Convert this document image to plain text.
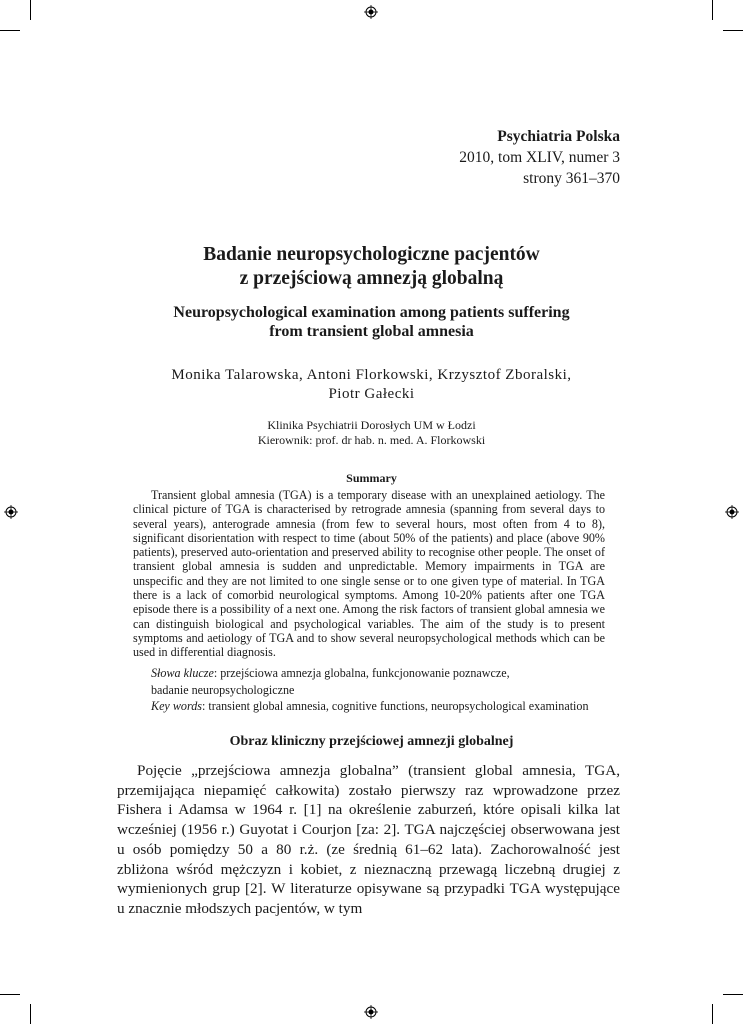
Psychiatria Polska
2010, tom XLIV, numer 3
strony 361–370
Badanie neuropsychologiczne pacjentów
z przejściową amnezją globalną
Neuropsychological examination among patients suffering
from transient global amnesia
Monika Talarowska, Antoni Florkowski, Krzysztof Zboralski,
Piotr Gałecki
Klinika Psychiatrii Dorosłych UM w Łodzi
Kierownik: prof. dr hab. n. med. A. Florkowski
Summary

Transient global amnesia (TGA) is a temporary disease with an unexplained aetiology. The clinical picture of TGA is characterised by retrograde amnesia (spanning from several days to several years), anterograde amnesia (from few to several hours, most often from 4 to 8), significant disorientation with respect to time (about 50% of the patients) and place (above 90% patients), preserved auto-orientation and preserved ability to recognise other people. The onset of transient global amnesia is sudden and unpredictable. Memory impairments in TGA are unspecific and they are not limited to one single sense or to one given type of material. In TGA there is a lack of comorbid neurological symptoms. Among 10-20% patients after one TGA episode there is a possibility of a next one. Among the risk factors of transient global amnesia we can distinguish biological and psychological variables. The aim of the study is to present symptoms and aetiology of TGA and to show several neuropsychological methods which can be used in differential diagnosis.

Słowa klucze: przejściowa amnezja globalna, funkcjonowanie poznawcze,
badanie neuropsychologiczne
Key words: transient global amnesia, cognitive functions, neuropsychological examination
Obraz kliniczny przejściowej amnezji globalnej

Pojęcie „przejściowa amnezja globalna” (transient global amnesia, TGA, przemijająca niepamięć całkowita) zostało pierwszy raz wprowadzone przez Fishera i Adamsa w 1964 r. [1] na określenie zaburzeń, które opisali kilka lat wcześniej (1956 r.) Guyotat i Courjon [za: 2]. TGA najczęściej obserwowana jest u osób pomiędzy 50 a 80 r.ż. (ze średnią 61–62 lata). Zachorowalność jest zbliżona wśród mężczyzn i kobiet, z nieznaczną przewagą liczebną drugiej z wymienionych grup [2]. W literaturze opisywane są przypadki TGA występujące u znacznie młodszych pacjentów, w tym
